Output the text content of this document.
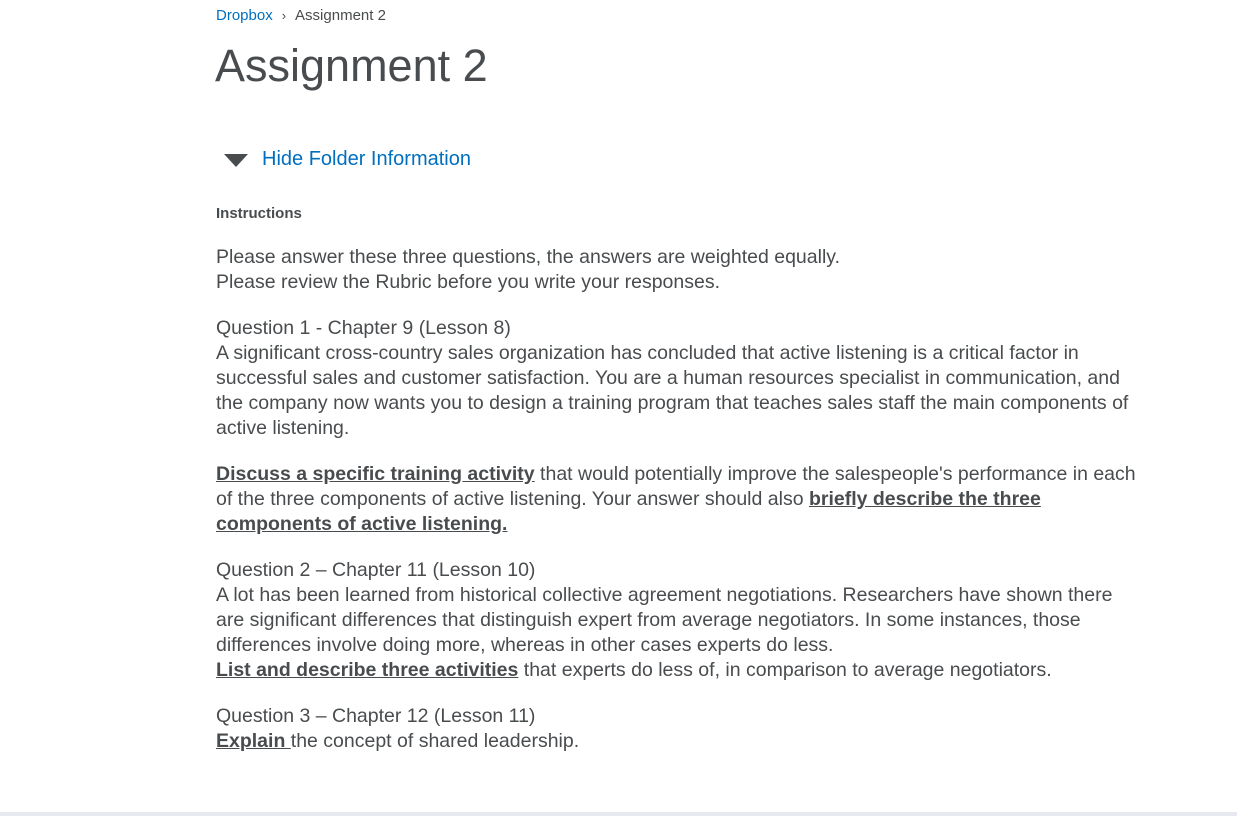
Dropbox › Assignment 2
Assignment 2
Hide Folder Information
Instructions

Please answer these three questions, the answers are weighted equally.
Please review the Rubric before you write your responses.

Question 1 - Chapter 9 (Lesson 8)
A significant cross-country sales organization has concluded that active listening is a critical factor in successful sales and customer satisfaction. You are a human resources specialist in communication, and the company now wants you to design a training program that teaches sales staff the main components of active listening.

Discuss a specific training activity that would potentially improve the salespeople's performance in each of the three components of active listening. Your answer should also briefly describe the three components of active listening.

Question 2 – Chapter 11 (Lesson 10)
A lot has been learned from historical collective agreement negotiations. Researchers have shown there are significant differences that distinguish expert from average negotiators. In some instances, those differences involve doing more, whereas in other cases experts do less.
List and describe three activities that experts do less of, in comparison to average negotiators.

Question 3 – Chapter 12 (Lesson 11)
Explain the concept of shared leadership.
